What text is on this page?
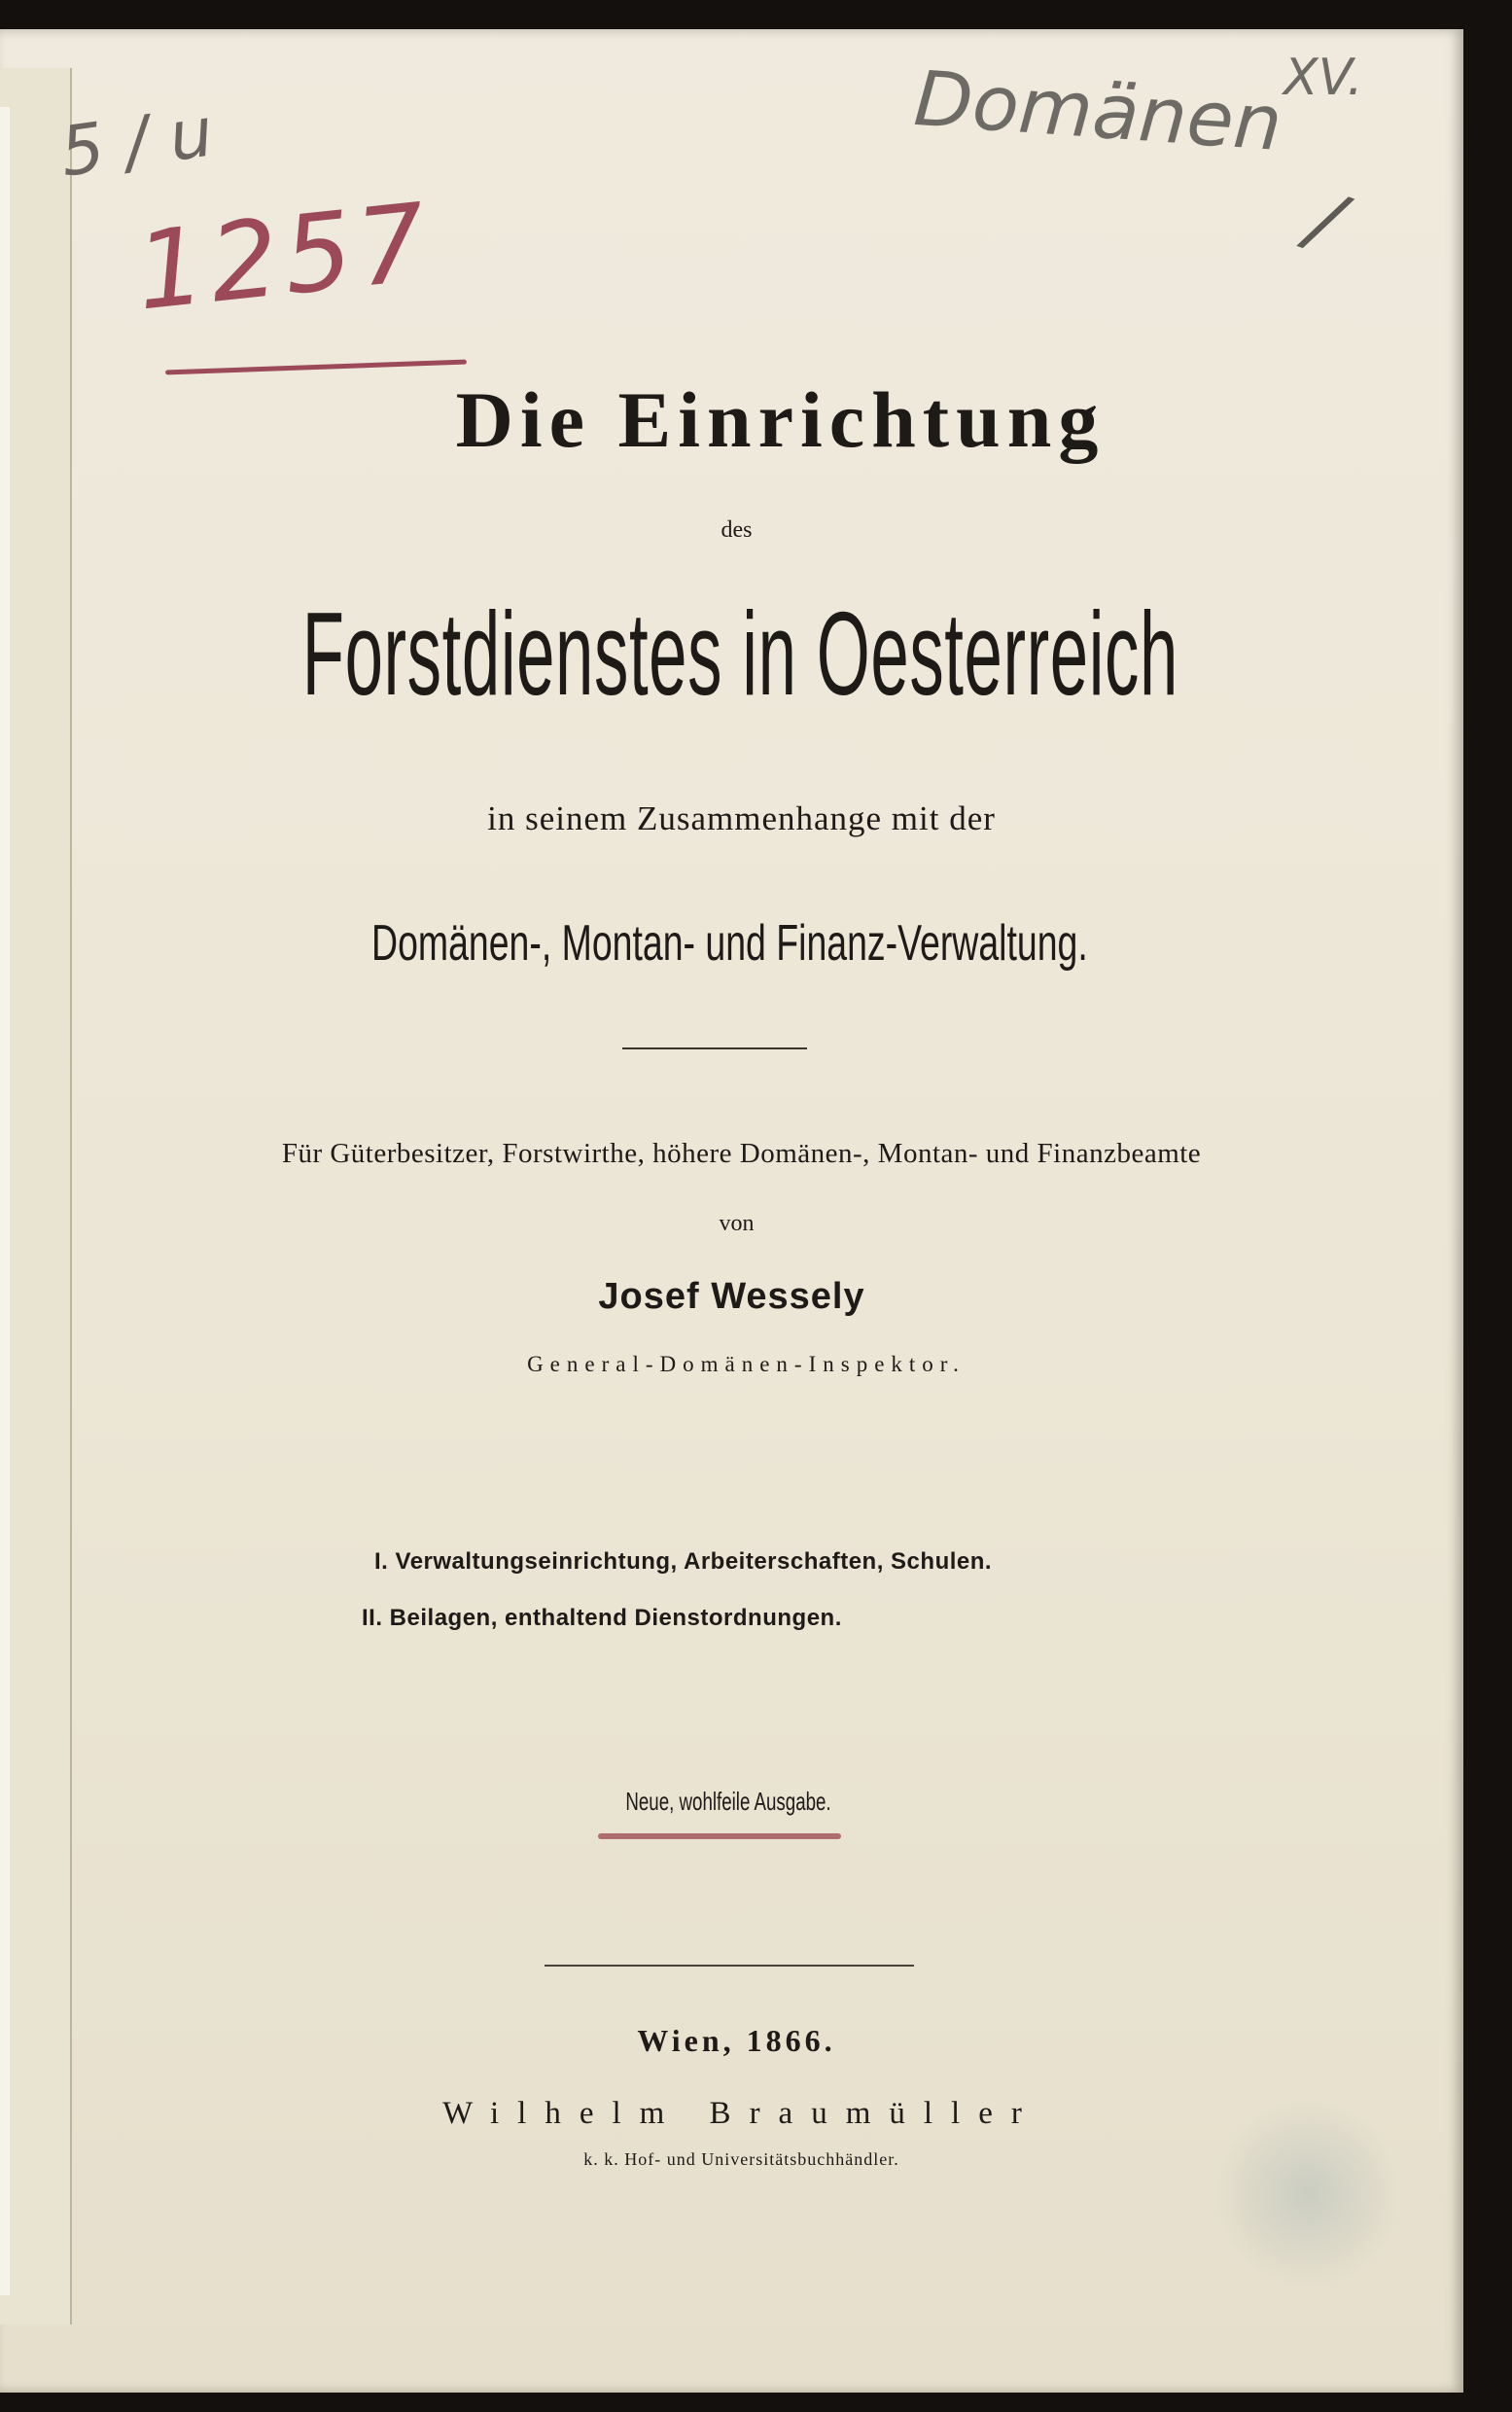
5 / u
1257
Domänen
XV.
/
Die Einrichtung
des
Forstdienstes in Oesterreich
in seinem Zusammenhange mit der
Domänen-, Montan- und Finanz-Verwaltung.
Für Güterbesitzer, Forstwirthe, höhere Domänen-, Montan- und Finanzbeamte
von
Josef Wessely
General-Domänen-Inspektor.
I. Verwaltungseinrichtung, Arbeiterschaften, Schulen.
II. Beilagen, enthaltend Dienstordnungen.
Neue, wohlfeile Ausgabe.
Wien, 1866.
Wilhelm Braumüller
k. k. Hof- und Universitätsbuchhändler.
